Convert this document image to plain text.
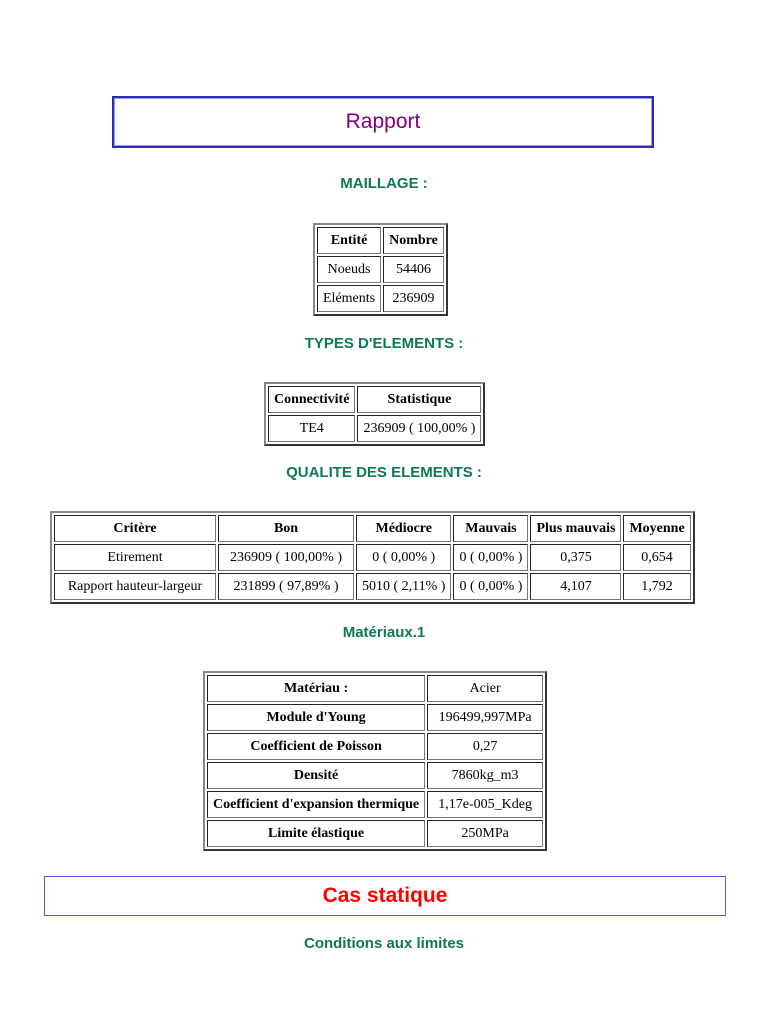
Rapport
MAILLAGE :
Entité	Nombre
Noeuds	54406
Eléments	236909
TYPES D'ELEMENTS :
Connectivité	Statistique
TE4	236909 ( 100,00% )
QUALITE DES ELEMENTS :
Critère	Bon	Médiocre	Mauvais	Plus mauvais	Moyenne
Etirement	236909 ( 100,00% )	0 ( 0,00% )	0 ( 0,00% )	0,375	0,654
Rapport hauteur-largeur	231899 ( 97,89% )	5010 ( 2,11% )	0 ( 0,00% )	4,107	1,792
Matériaux.1
Matériau :	Acier
Module d'Young	196499,997MPa
Coefficient de Poisson	0,27
Densité	7860kg_m3
Coefficient d'expansion thermique	1,17e-005_Kdeg
Limite élastique	250MPa
Cas statique
Conditions aux limites
